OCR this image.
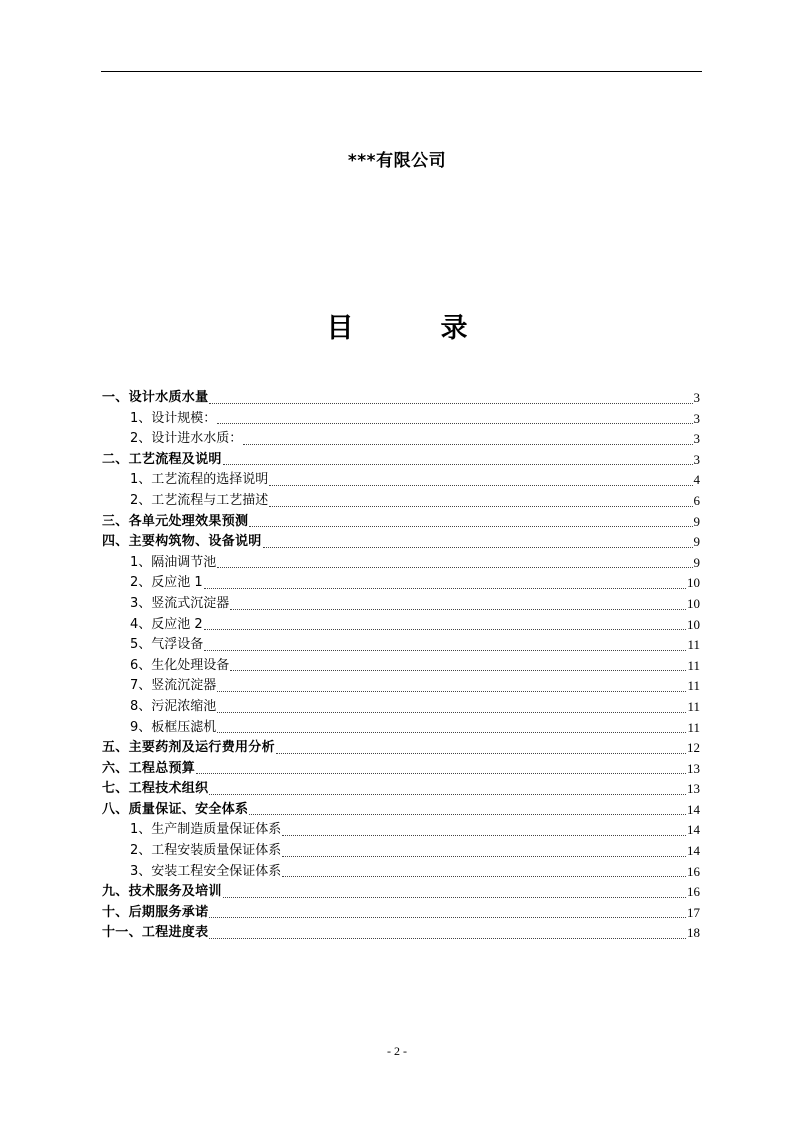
***有限公司
目　录
一、设计水质水量	3
1、设计规模：	3
2、设计进水水质：	3
二、工艺流程及说明	3
1、工艺流程的选择说明	4
2、工艺流程与工艺描述	6
三、各单元处理效果预测	9
四、主要构筑物、设备说明	9
1、隔油调节池	9
2、反应池 1	10
3、竖流式沉淀器	10
4、反应池 2	10
5、气浮设备	11
6、生化处理设备	11
7、竖流沉淀器	11
8、污泥浓缩池	11
9、板框压滤机	11
五、主要药剂及运行费用分析	12
六、工程总预算	13
七、工程技术组织	13
八、质量保证、安全体系	14
1、生产制造质量保证体系	14
2、工程安装质量保证体系	14
3、安装工程安全保证体系	16
九、技术服务及培训	16
十、后期服务承诺	17
十一、工程进度表	18
- 2 -
